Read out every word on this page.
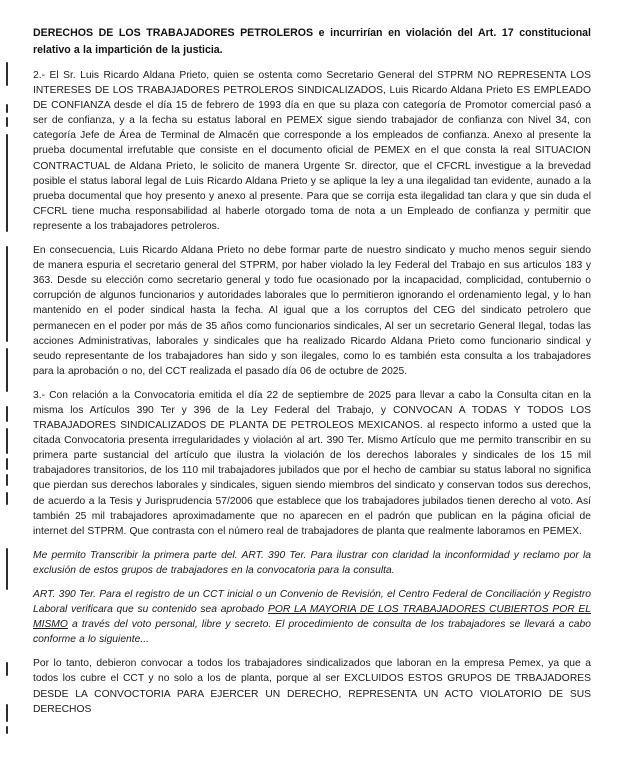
DERECHOS DE LOS TRABAJADORES PETROLEROS e incurrirían en violación del Art. 17 constitucional relativo a la impartición de la justicia.

2.- El Sr. Luis Ricardo Aldana Prieto, quien se ostenta como Secretario General del STPRM NO REPRESENTA LOS INTERESES DE LOS TRABAJADORES PETROLEROS SINDICALIZADOS, Luis Ricardo Aldana Prieto ES EMPLEADO DE CONFIANZA desde el día 15 de febrero de 1993 día en que su plaza con categoría de Promotor comercial pasó a ser de confianza, y a la fecha su estatus laboral en PEMEX sigue siendo trabajador de confianza con Nivel 34, con categoría Jefe de Área de Terminal de Almacén que corresponde a los empleados de confianza. Anexo al presente la prueba documental irrefutable que consiste en el documento oficial de PEMEX en el que consta la real SITUACION CONTRACTUAL de Aldana Prieto, le solicito de manera Urgente Sr. director, que el CFCRL investigue a la brevedad posible el status laboral legal de Luis Ricardo Aldana Prieto y se aplique la ley a una ilegalidad tan evidente, aunado a la prueba documental que hoy presento y anexo al presente. Para que se corrija esta ilegalidad tan clara y que sin duda el CFCRL tiene mucha responsabilidad al haberle otorgado toma de nota a un Empleado de confianza y permitir que represente a los trabajadores petroleros.

En consecuencia, Luis Ricardo Aldana Prieto no debe formar parte de nuestro sindicato y mucho menos seguir siendo de manera espuria el secretario general del STPRM, por haber violado la ley Federal del Trabajo en sus articulos 183 y 363. Desde su elección como secretario general y todo fue ocasionado por la incapacidad, complicidad, contubernio o corrupción de algunos funcionarios y autoridades laborales que lo permitieron ignorando el ordenamiento legal, y lo han mantenido en el poder sindical hasta la fecha. Al igual que a los corruptos del CEG del sindicato petrolero que permanecen en el poder por más de 35 años como funcionarios sindicales, Al ser un secretario General Ilegal, todas las acciones Administrativas, laborales y sindicales que ha realizado Ricardo Aldana Prieto como funcionario sindical y seudo representante de los trabajadores han sido y son ilegales, como lo es también esta consulta a los trabajadores para la aprobación o no, del CCT realizada el pasado día 06 de octubre de 2025.

3.- Con relación a la Convocatoria emitida el día 22 de septiembre de 2025 para llevar a cabo la Consulta citan en la misma los Artículos 390 Ter y 396 de la Ley Federal del Trabajo, y CONVOCAN A TODAS Y TODOS LOS TRABAJADORES SINDICALIZADOS DE PLANTA DE PETROLEOS MEXICANOS. al respecto informo a usted que la citada Convocatoria presenta irregularidades y violación al art. 390 Ter. Mismo Artículo que me permito transcribir en su primera parte sustancial del artículo que ilustra la violación de los derechos laborales y sindicales de los 15 mil trabajadores transitorios, de los 110 mil trabajadores jubilados que por el hecho de cambiar su status laboral no significa que pierdan sus derechos laborales y sindicales, siguen siendo miembros del sindicato y conservan todos sus derechos, de acuerdo a la Tesis y Jurisprudencia 57/2006 que establece que los trabajadores jubilados tienen derecho al voto. Así también 25 mil trabajadores aproximadamente que no aparecen en el padrón que publican en la página oficial de internet del STPRM. Que contrasta con el número real de trabajadores de planta que realmente laboramos en PEMEX.

Me permito Transcribir la primera parte del. ART. 390 Ter. Para ilustrar con claridad la inconformidad y reclamo por la exclusión de estos grupos de trabajadores en la convocatoria para la consulta.

ART. 390 Ter. Para el registro de un CCT inicial o un Convenio de Revisión, el Centro Federal de Conciliación y Registro Laboral verificara que su contenido sea aprobado POR LA MAYORIA DE LOS TRABAJADORES CUBIERTOS POR EL MISMO a través del voto personal, libre y secreto. El procedimiento de consulta de los trabajadores se llevará a cabo conforme a lo siguiente...

Por lo tanto, debieron convocar a todos los trabajadores sindicalizados que laboran en la empresa Pemex, ya que a todos los cubre el CCT y no solo a los de planta, porque al ser EXCLUIDOS ESTOS GRUPOS DE TRBAJADORES DESDE LA CONVOCTORIA PARA EJERCER UN DERECHO, REPRESENTA UN ACTO VIOLATORIO DE SUS DERECHOS
